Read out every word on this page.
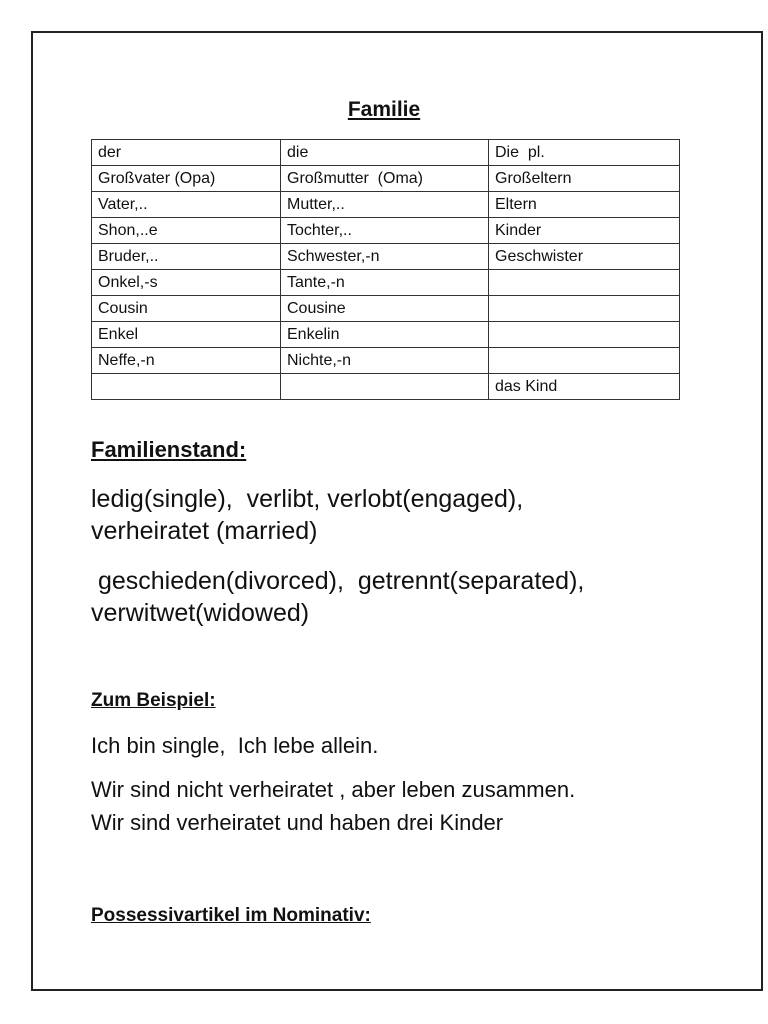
Familie
der	die	Die  pl.
Großvater (Opa)	Großmutter  (Oma)	Großeltern
Vater,..	Mutter,..	Eltern
Shon,..e	Tochter,..	Kinder
Bruder,..	Schwester,-n	Geschwister
Onkel,-s	Tante,-n	
Cousin	Cousine	
Enkel	Enkelin	
Neffe,-n	Nichte,-n	
		das Kind
Familienstand:
ledig(single),  verlibt, verlobt(engaged),
verheiratet (married)
geschieden(divorced),  getrennt(separated),
verwitwet(widowed)
Zum Beispiel:
Ich bin single,  Ich lebe allein.
Wir sind nicht verheiratet , aber leben zusammen.
Wir sind verheiratet und haben drei Kinder
Possessivartikel im Nominativ:
